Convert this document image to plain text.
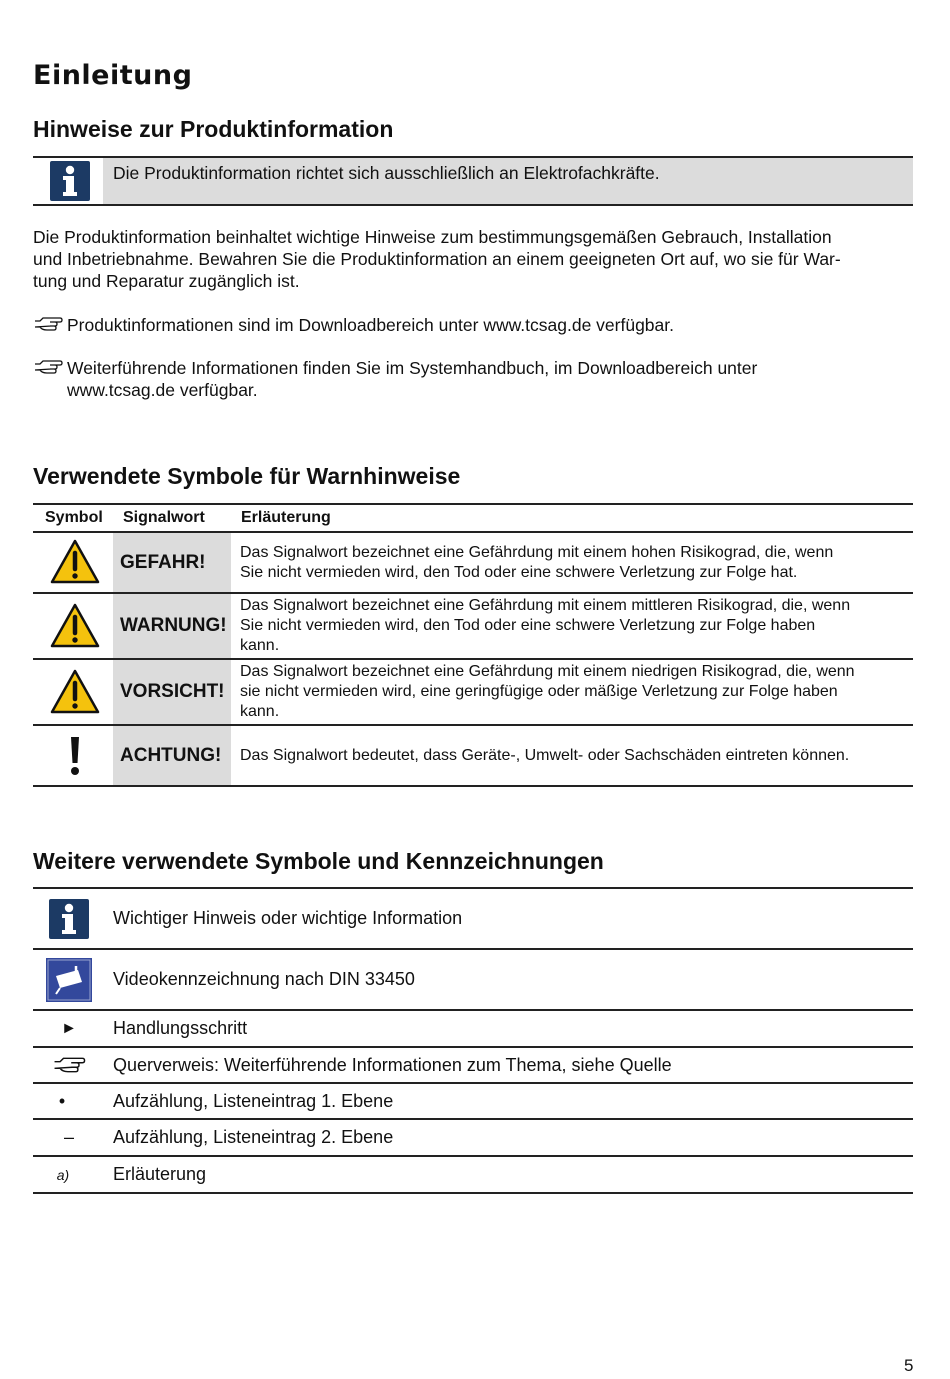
Einleitung
Hinweise zur Produktinformation
Die Produktinformation richtet sich ausschließlich an Elektrofachkräfte.
Die Produktinformation beinhaltet wichtige Hinweise zum bestimmungsgemäßen Gebrauch, Installation
und Inbetriebnahme. Bewahren Sie die Produktinformation an einem geeigneten Ort auf, wo sie für War-
tung und Reparatur zugänglich ist.
Produktinformationen sind im Downloadbereich unter www.tcsag.de verfügbar.
Weiterführende Informationen finden Sie im Systemhandbuch, im Downloadbereich unter
www.tcsag.de verfügbar.
Verwendete Symbole für Warnhinweise
Symbol Signalwort Erläuterung
GEFAHR!	Das Signalwort bezeichnet eine Gefährdung mit einem hohen Risikograd, die, wenn
Sie nicht vermieden wird, den Tod oder eine schwere Verletzung zur Folge hat.
WARNUNG!
Das Signalwort bezeichnet eine Gefährdung mit einem mittleren Risikograd, die, wenn
Sie nicht vermieden wird, den Tod oder eine schwere Verletzung zur Folge haben
kann.
VORSICHT!
Das Signalwort bezeichnet eine Gefährdung mit einem niedrigen Risikograd, die, wenn
sie nicht vermieden wird, eine geringfügige oder mäßige Verletzung zur Folge haben
kann.
ACHTUNG!	Das Signalwort bedeutet, dass Geräte-, Umwelt- oder Sachschäden eintreten können.
Weitere verwendete Symbole und Kennzeichnungen
Wichtiger Hinweis oder wichtige Information
Videokennzeichnung nach DIN 33450
►	Handlungsschritt
Querverweis: Weiterführende Informationen zum Thema, siehe Quelle
•	Aufzählung, Listeneintrag 1. Ebene
–	Aufzählung, Listeneintrag 2. Ebene
a)	Erläuterung
5
